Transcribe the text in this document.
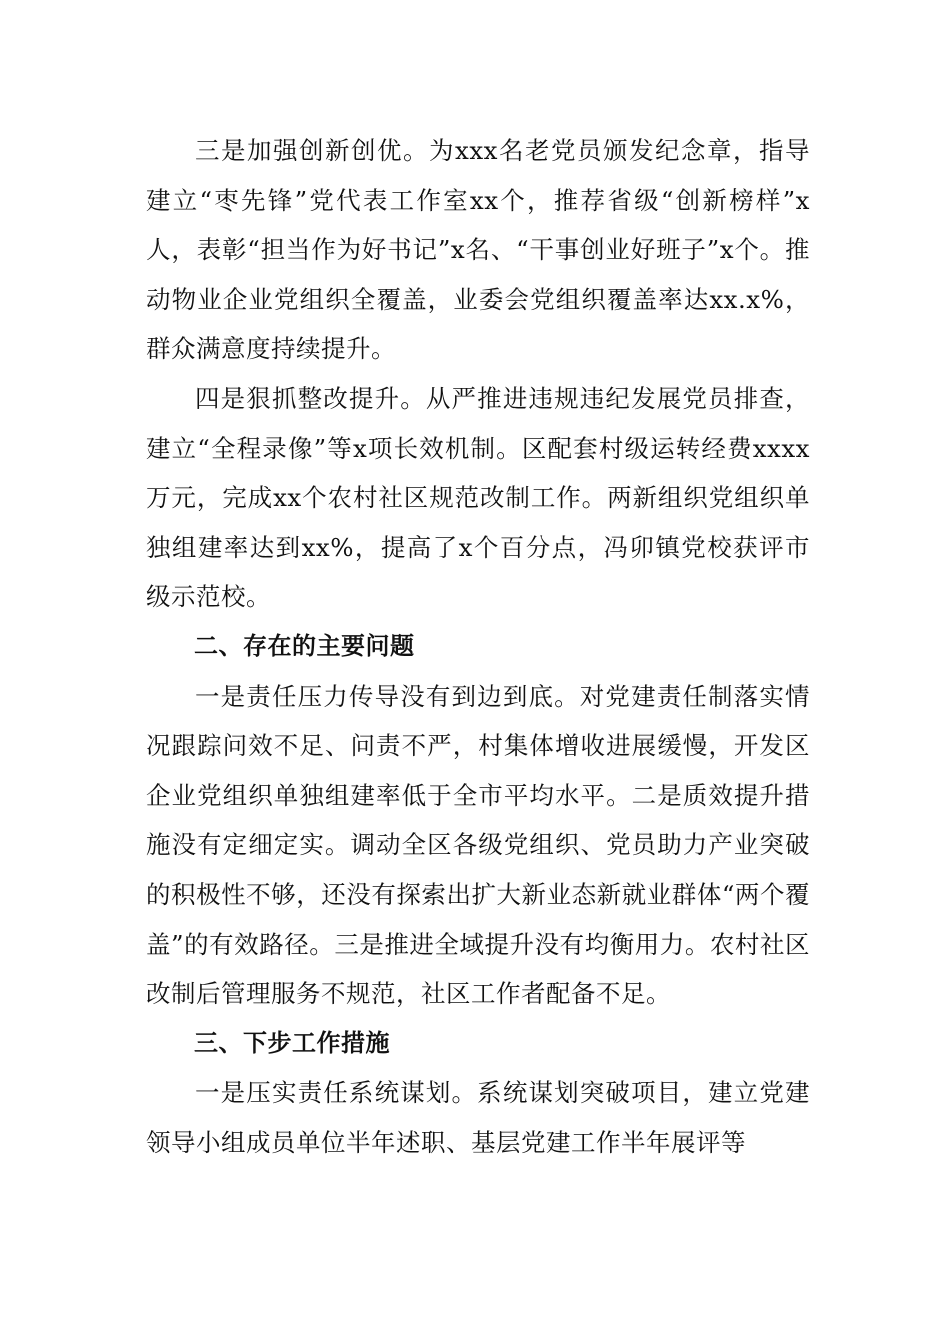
三是加强创新创优。为xxx名老党员颁发纪念章，指导建立“枣先锋”党代表工作室xx个，推荐省级“创新榜样”x人，表彰“担当作为好书记”x名、“干事创业好班子”x个。推动物业企业党组织全覆盖，业委会党组织覆盖率达xx.x%，群众满意度持续提升。

四是狠抓整改提升。从严推进违规违纪发展党员排查，建立“全程录像”等x项长效机制。区配套村级运转经费xxxx万元，完成xx个农村社区规范改制工作。两新组织党组织单独组建率达到xx%，提高了x个百分点，冯卯镇党校获评市级示范校。

二、存在的主要问题

一是责任压力传导没有到边到底。对党建责任制落实情况跟踪问效不足、问责不严，村集体增收进展缓慢，开发区企业党组织单独组建率低于全市平均水平。二是质效提升措施没有定细定实。调动全区各级党组织、党员助力产业突破的积极性不够，还没有探索出扩大新业态新就业群体“两个覆盖”的有效路径。三是推进全域提升没有均衡用力。农村社区改制后管理服务不规范，社区工作者配备不足。

三、下步工作措施

一是压实责任系统谋划。系统谋划突破项目，建立党建领导小组成员单位半年述职、基层党建工作半年展评等
